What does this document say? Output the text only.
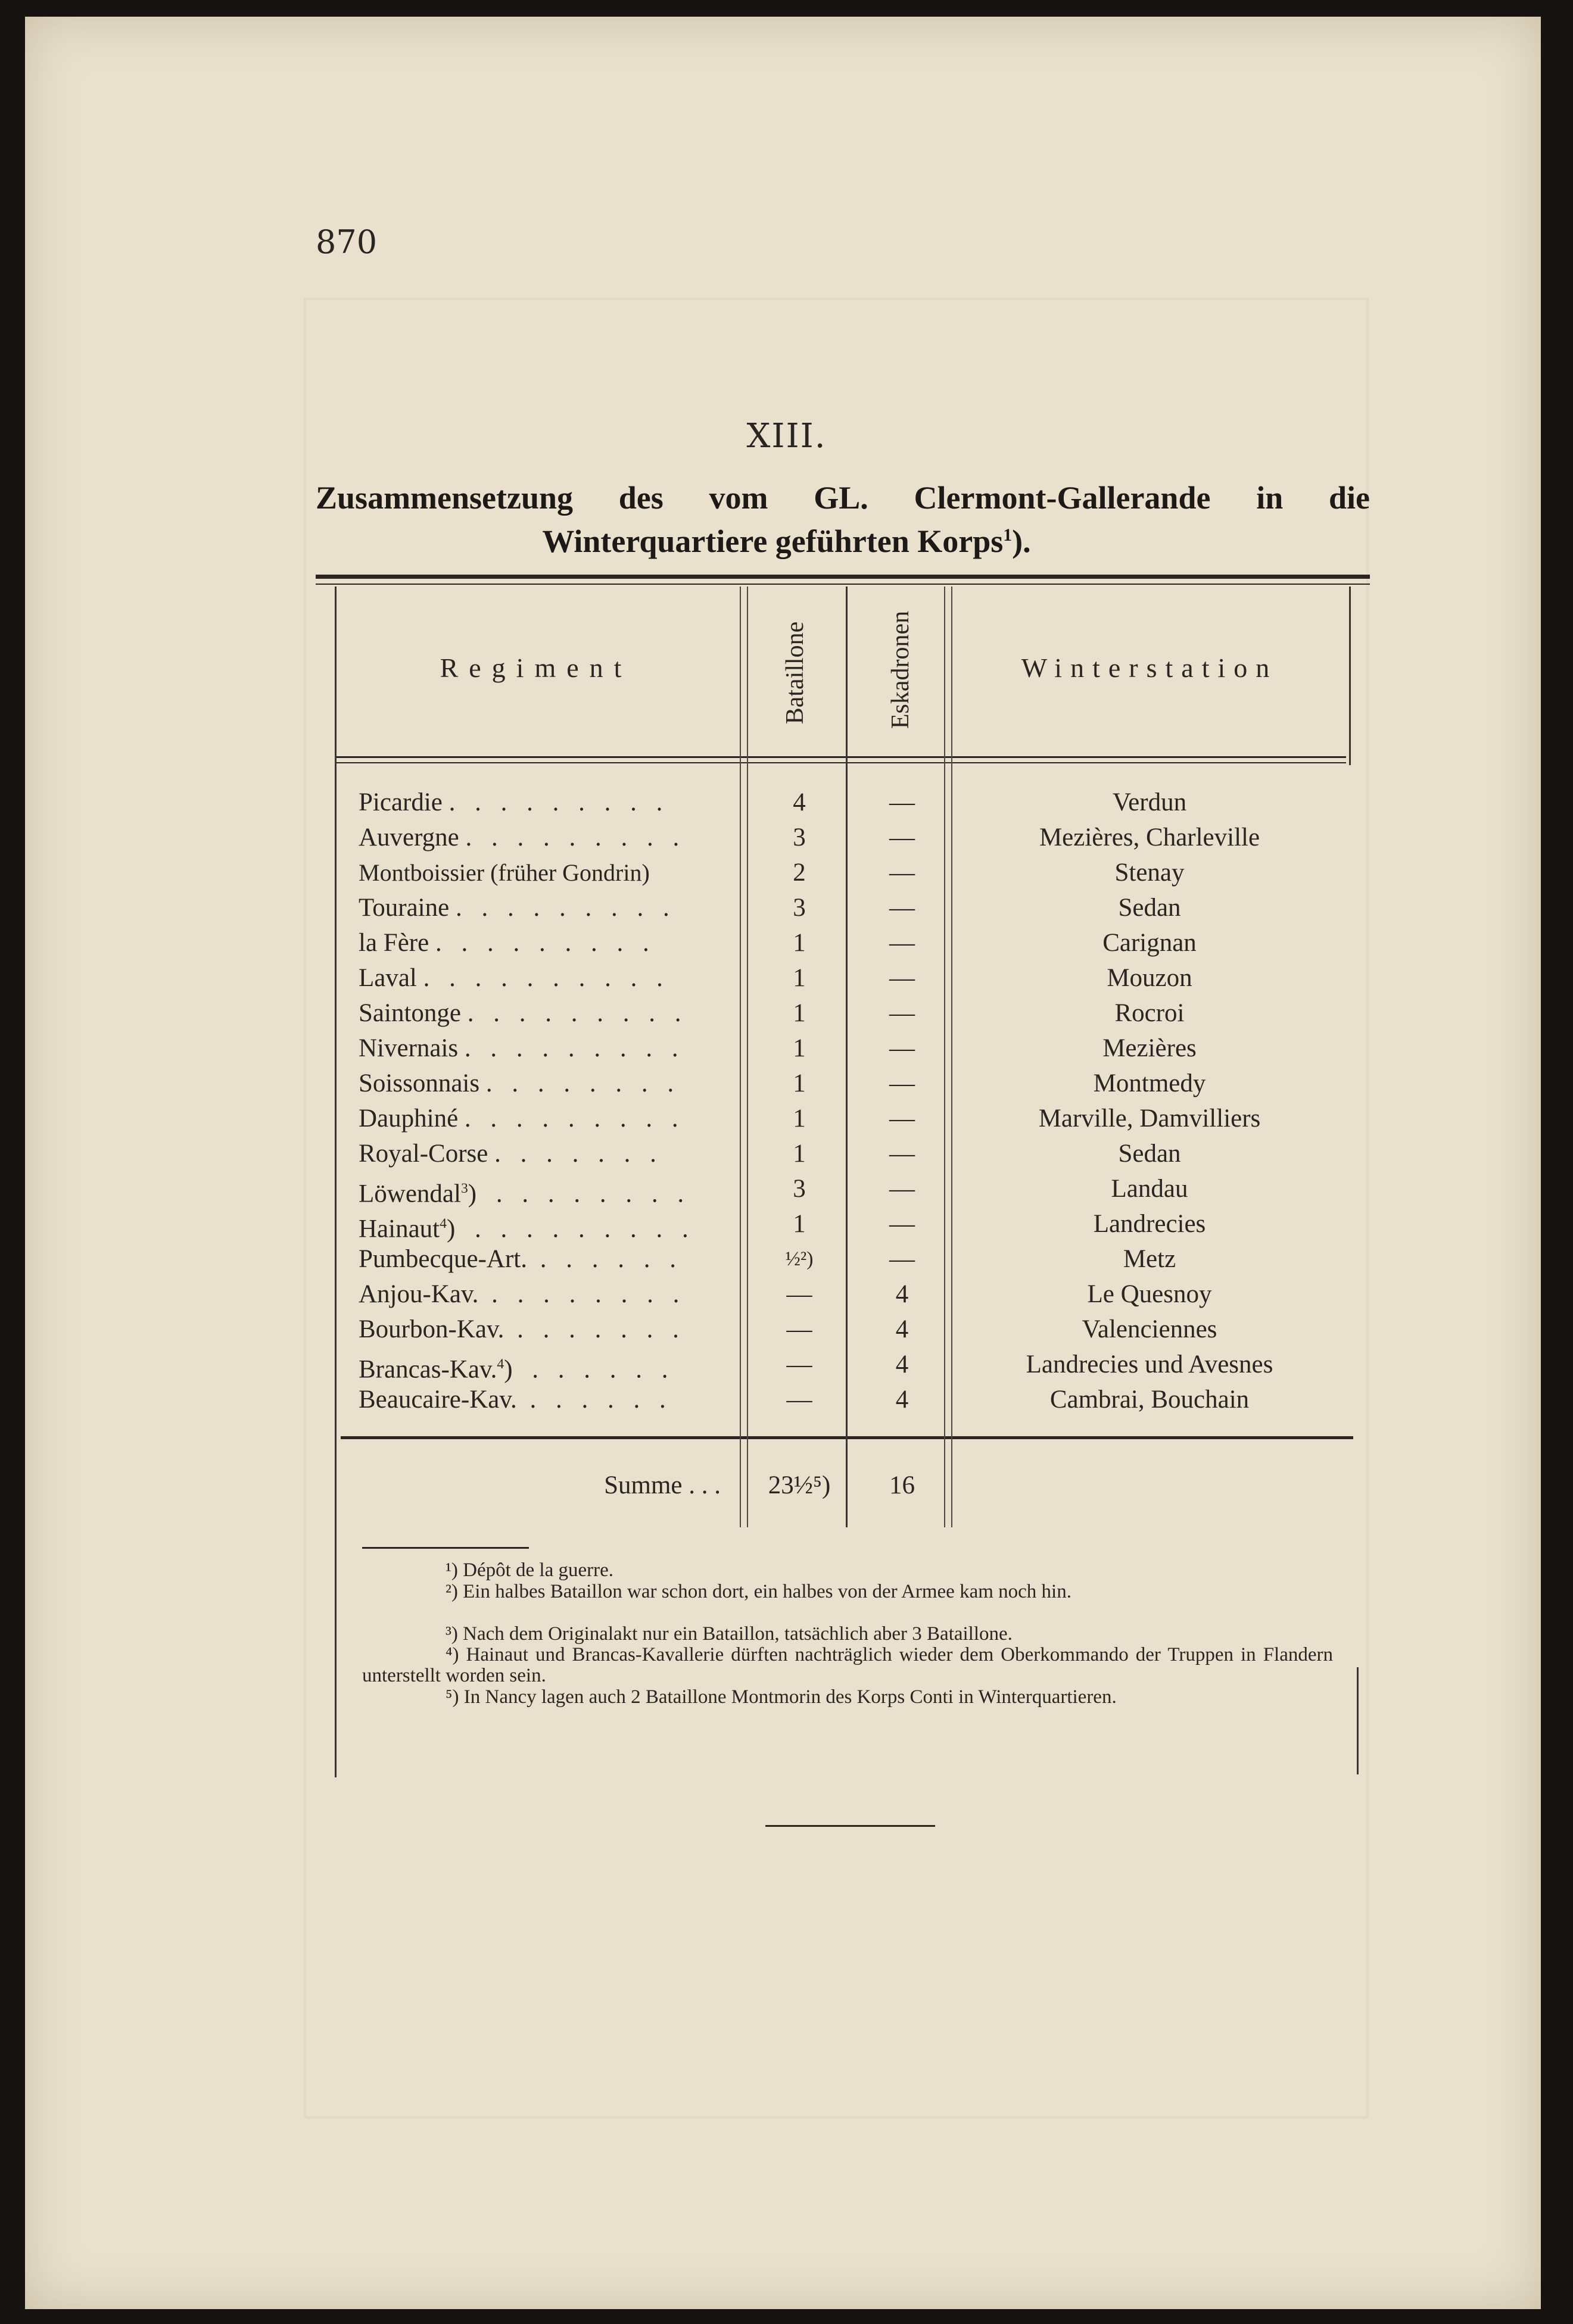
870
XIII.
Zusammensetzung des vom GL. Clermont-Gallerande in die
Winterquartiere geführten Korps$^1$).
Regiment	Bataillone	Eskadronen	Winterstation
Picardie . . . . . . . . .	4	—	Verdun
Auvergne . . . . . . . . .	3	—	Mezières, Charleville
Montboissier (früher Gondrin)	2	—	Stenay
Touraine . . . . . . . . .	3	—	Sedan
la Fère . . . . . . . . .	1	—	Carignan
Laval . . . . . . . . . .	1	—	Mouzon
Saintonge . . . . . . . . .	1	—	Rocroi
Nivernais . . . . . . . . .	1	—	Mezières
Soissonnais . . . . . . . .	1	—	Montmedy
Dauphiné . . . . . . . . .	1	—	Marville, Damvilliers
Royal-Corse . . . . . . .	1	—	Sedan
Löwendal$^3$) . . . . . . . .	3	—	Landau
Hainaut$^4$) . . . . . . . . .	1	—	Landrecies
Pumbecque-Art. . . . . . .	½²)	—	Metz
Anjou-Kav. . . . . . . . .	—	4	Le Quesnoy
Bourbon-Kav. . . . . . . .	—	4	Valenciennes
Brancas-Kav.$^4$) . . . . . .	—	4	Landrecies und Avesnes
Beaucaire-Kav. . . . . . .	—	4	Cambrai, Bouchain
Summe . . .	23½⁵)	16
¹) Dépôt de la guerre.
²) Ein halbes Bataillon war schon dort, ein halbes von der Armee kam noch hin.
³) Nach dem Originalakt nur ein Bataillon, tatsächlich aber 3 Bataillone.
⁴) Hainaut und Brancas-Kavallerie dürften nachträglich wieder dem Oberkommando der Truppen in Flandern unterstellt worden sein.
⁵) In Nancy lagen auch 2 Bataillone Montmorin des Korps Conti in Winterquartieren.
